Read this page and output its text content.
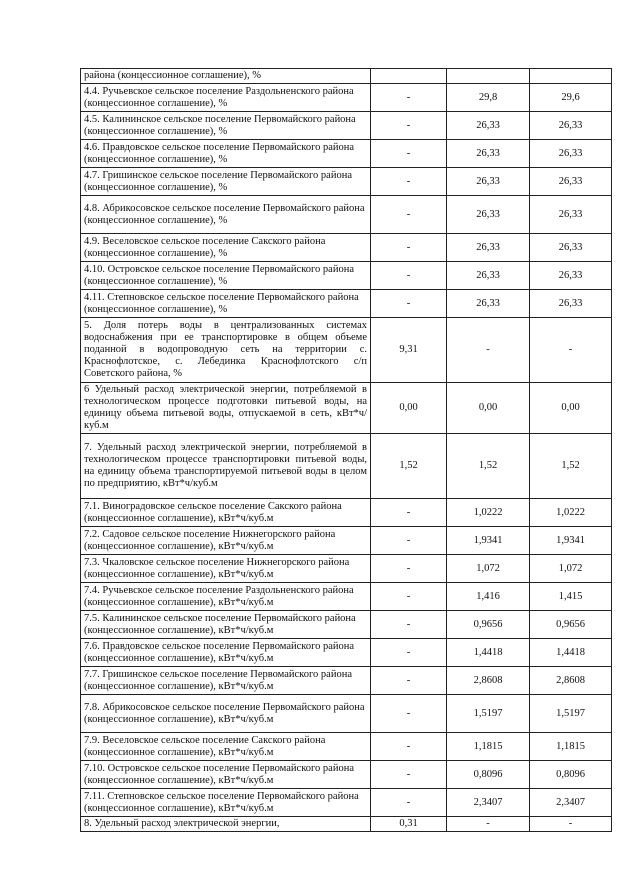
района (концессионное соглашение), %			
4.4. Ручьевское сельское поселение Раздольненского района (концессионное соглашение), %	-	29,8	29,6
4.5. Калининское сельское поселение Первомайского района (концессионное соглашение), %	-	26,33	26,33
4.6. Правдовское сельское поселение Первомайского района (концессионное соглашение), %	-	26,33	26,33
4.7. Гришинское сельское поселение Первомайского района (концессионное соглашение), %	-	26,33	26,33
4.8. Абрикосовское сельское поселение Первомайского района (концессионное соглашение), %	-	26,33	26,33
4.9. Веселовское сельское поселение Сакского района (концессионное соглашение), %	-	26,33	26,33
4.10. Островское сельское поселение Первомайского района (концессионное соглашение), %	-	26,33	26,33
4.11. Степновское сельское поселение Первомайского района (концессионное соглашение), %	-	26,33	26,33
5. Доля потерь воды в централизованных системах водоснабжения при ее транспортировке в общем объеме поданной в водопроводную сеть на территории с. Краснофлотское, с. Лебединка Краснофлотского с/п Советского района, %	9,31	-	-
6 Удельный расход электрической энергии, потребляемой в технологическом процессе подготовки питьевой воды, на единицу объема питьевой воды, отпускаемой в сеть, кВт*ч/куб.м	0,00	0,00	0,00
7. Удельный расход электрической энергии, потребляемой в технологическом процессе транспортировки питьевой воды, на единицу объема транспортируемой питьевой воды в целом по предприятию, кВт*ч/куб.м	1,52	1,52	1,52
7.1. Виноградовское сельское поселение Сакского района (концессионное соглашение), кВт*ч/куб.м	-	1,0222	1,0222
7.2. Садовое сельское поселение Нижнегорского района (концессионное соглашение), кВт*ч/куб.м	-	1,9341	1,9341
7.3. Чкаловское сельское поселение Нижнегорского района (концессионное соглашение), кВт*ч/куб.м	-	1,072	1,072
7.4. Ручьевское сельское поселение Раздольненского района (концессионное соглашение), кВт*ч/куб.м	-	1,416	1,415
7.5. Калининское сельское поселение Первомайского района (концессионное соглашение), кВт*ч/куб.м	-	0,9656	0,9656
7.6. Правдовское сельское поселение Первомайского района (концессионное соглашение), кВт*ч/куб.м	-	1,4418	1,4418
7.7. Гришинское сельское поселение Первомайского района (концессионное соглашение), кВт*ч/куб.м	-	2,8608	2,8608
7.8. Абрикосовское сельское поселение Первомайского района (концессионное соглашение), кВт*ч/куб.м	-	1,5197	1,5197
7.9. Веселовское сельское поселение Сакского района (концессионное соглашение), кВт*ч/куб.м	-	1,1815	1,1815
7.10. Островское сельское поселение Первомайского района (концессионное соглашение), кВт*ч/куб.м	-	0,8096	0,8096
7.11. Степновское сельское поселение Первомайского района (концессионное соглашение), кВт*ч/куб.м	-	2,3407	2,3407
8. Удельный расход электрической энергии,	0,31	-	-
